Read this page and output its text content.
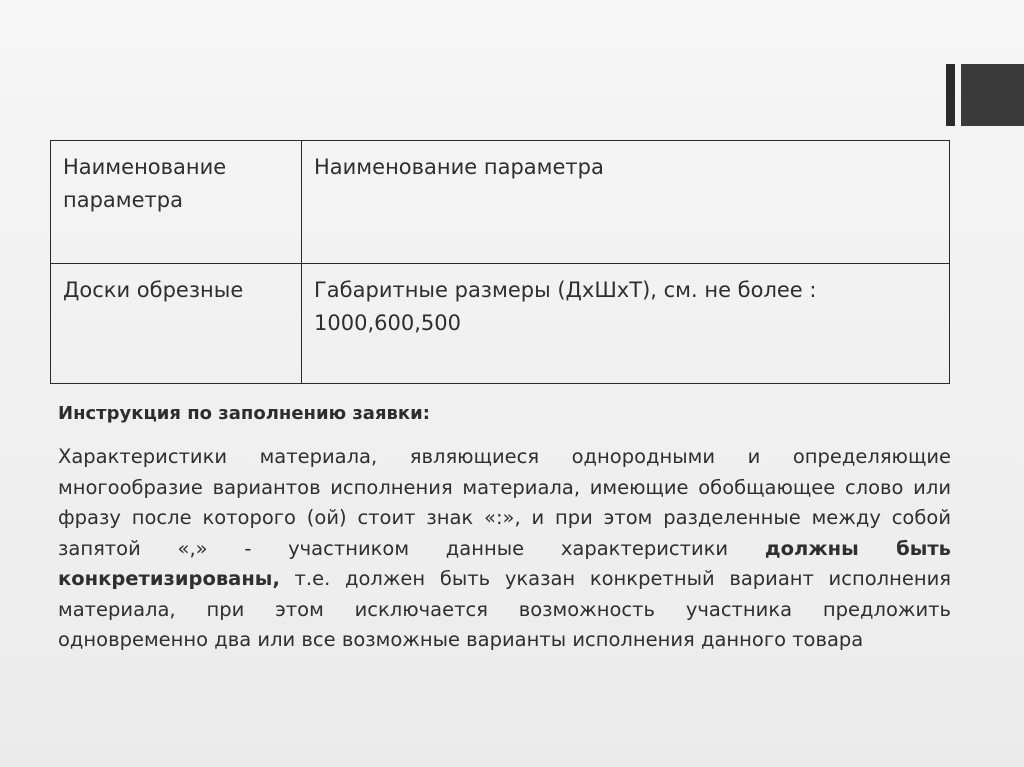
Наименование параметра	Наименование параметра
Доски обрезные	Габаритные размеры (ДхШхТ), см. не более : 1000,600,500
Инструкция по заполнению заявки:
Характеристики материала, являющиеся однородными и определяющие многообразие вариантов исполнения материала, имеющие обобщающее слово или фразу после которого (ой) стоит знак «:», и при этом разделенные между собой запятой «,» - участником данные характеристики должны быть конкретизированы, т.е. должен быть указан конкретный вариант исполнения материала, при этом исключается возможность участника предложить одновременно два или все возможные варианты исполнения данного товара
